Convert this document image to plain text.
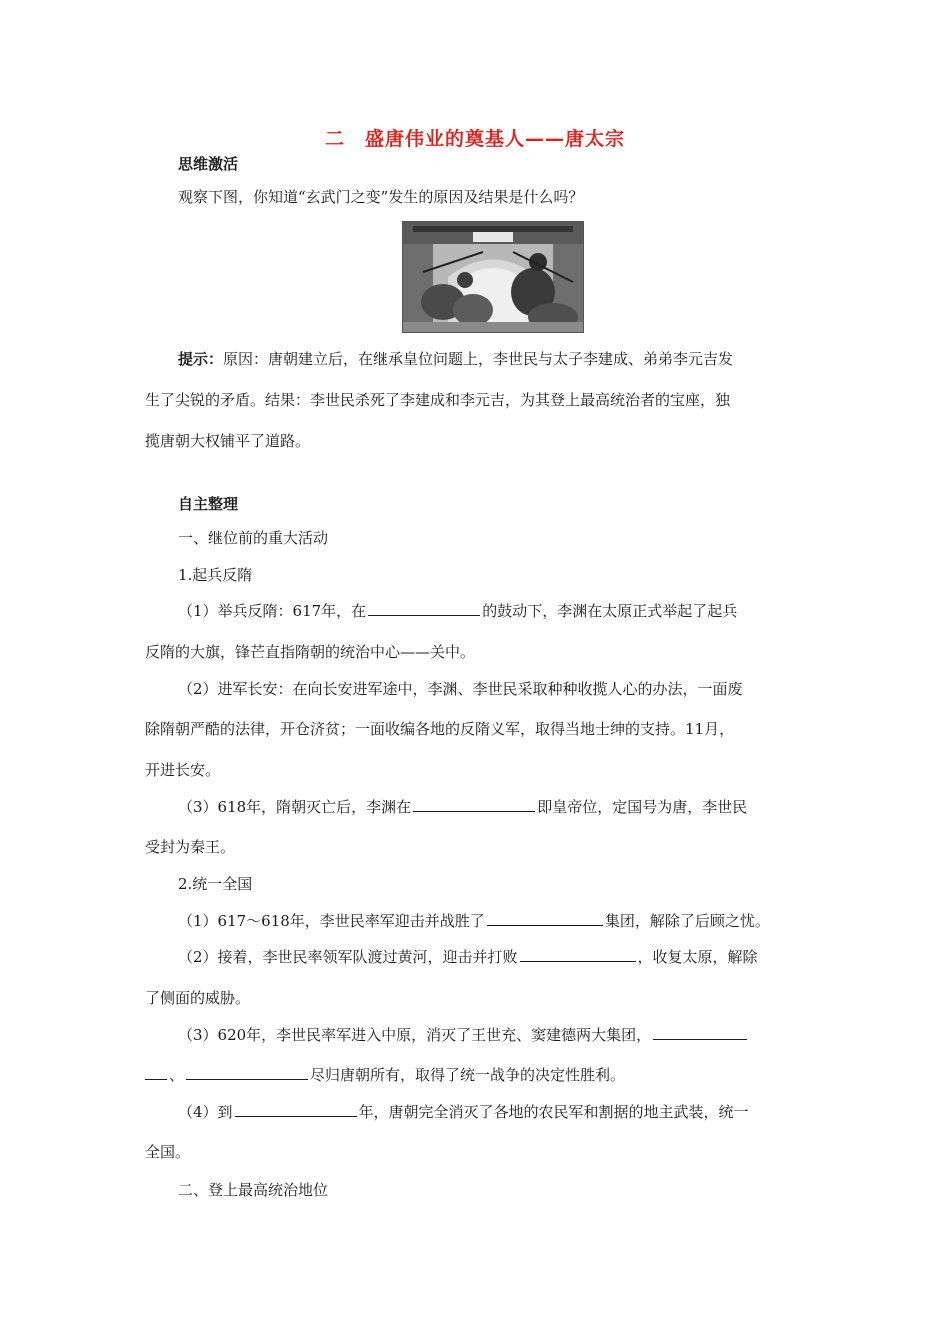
二 盛唐伟业的奠基人——唐太宗
思维激活
观察下图，你知道“玄武门之变”发生的原因及结果是什么吗？
提示：原因：唐朝建立后，在继承皇位问题上，李世民与太子李建成、弟弟李元吉发
生了尖锐的矛盾。结果：李世民杀死了李建成和李元吉，为其登上最高统治者的宝座，独
揽唐朝大权铺平了道路。
自主整理
一、继位前的重大活动
1.起兵反隋
（1）举兵反隋：617年，在	的鼓动下，李渊在太原正式举起了起兵
反隋的大旗，锋芒直指隋朝的统治中心——关中。
（2）进军长安：在向长安进军途中，李渊、李世民采取种种收揽人心的办法，一面废
除隋朝严酷的法律，开仓济贫；一面收编各地的反隋义军，取得当地士绅的支持。11月，
开进长安。
（3）618年，隋朝灭亡后，李渊在	即皇帝位，定国号为唐，李世民
受封为秦王。
2.统一全国
（1）617～618年，李世民率军迎击并战胜了	集团，解除了后顾之忧。
（2）接着，李世民率领军队渡过黄河，迎击并打败	，收复太原，解除
了侧面的威胁。
（3）620年，李世民率军进入中原，消灭了王世充、窦建德两大集团，
、	尽归唐朝所有，取得了统一战争的决定性胜利。
（4）到	年，唐朝完全消灭了各地的农民军和割据的地主武装，统一
全国。
二、登上最高统治地位
